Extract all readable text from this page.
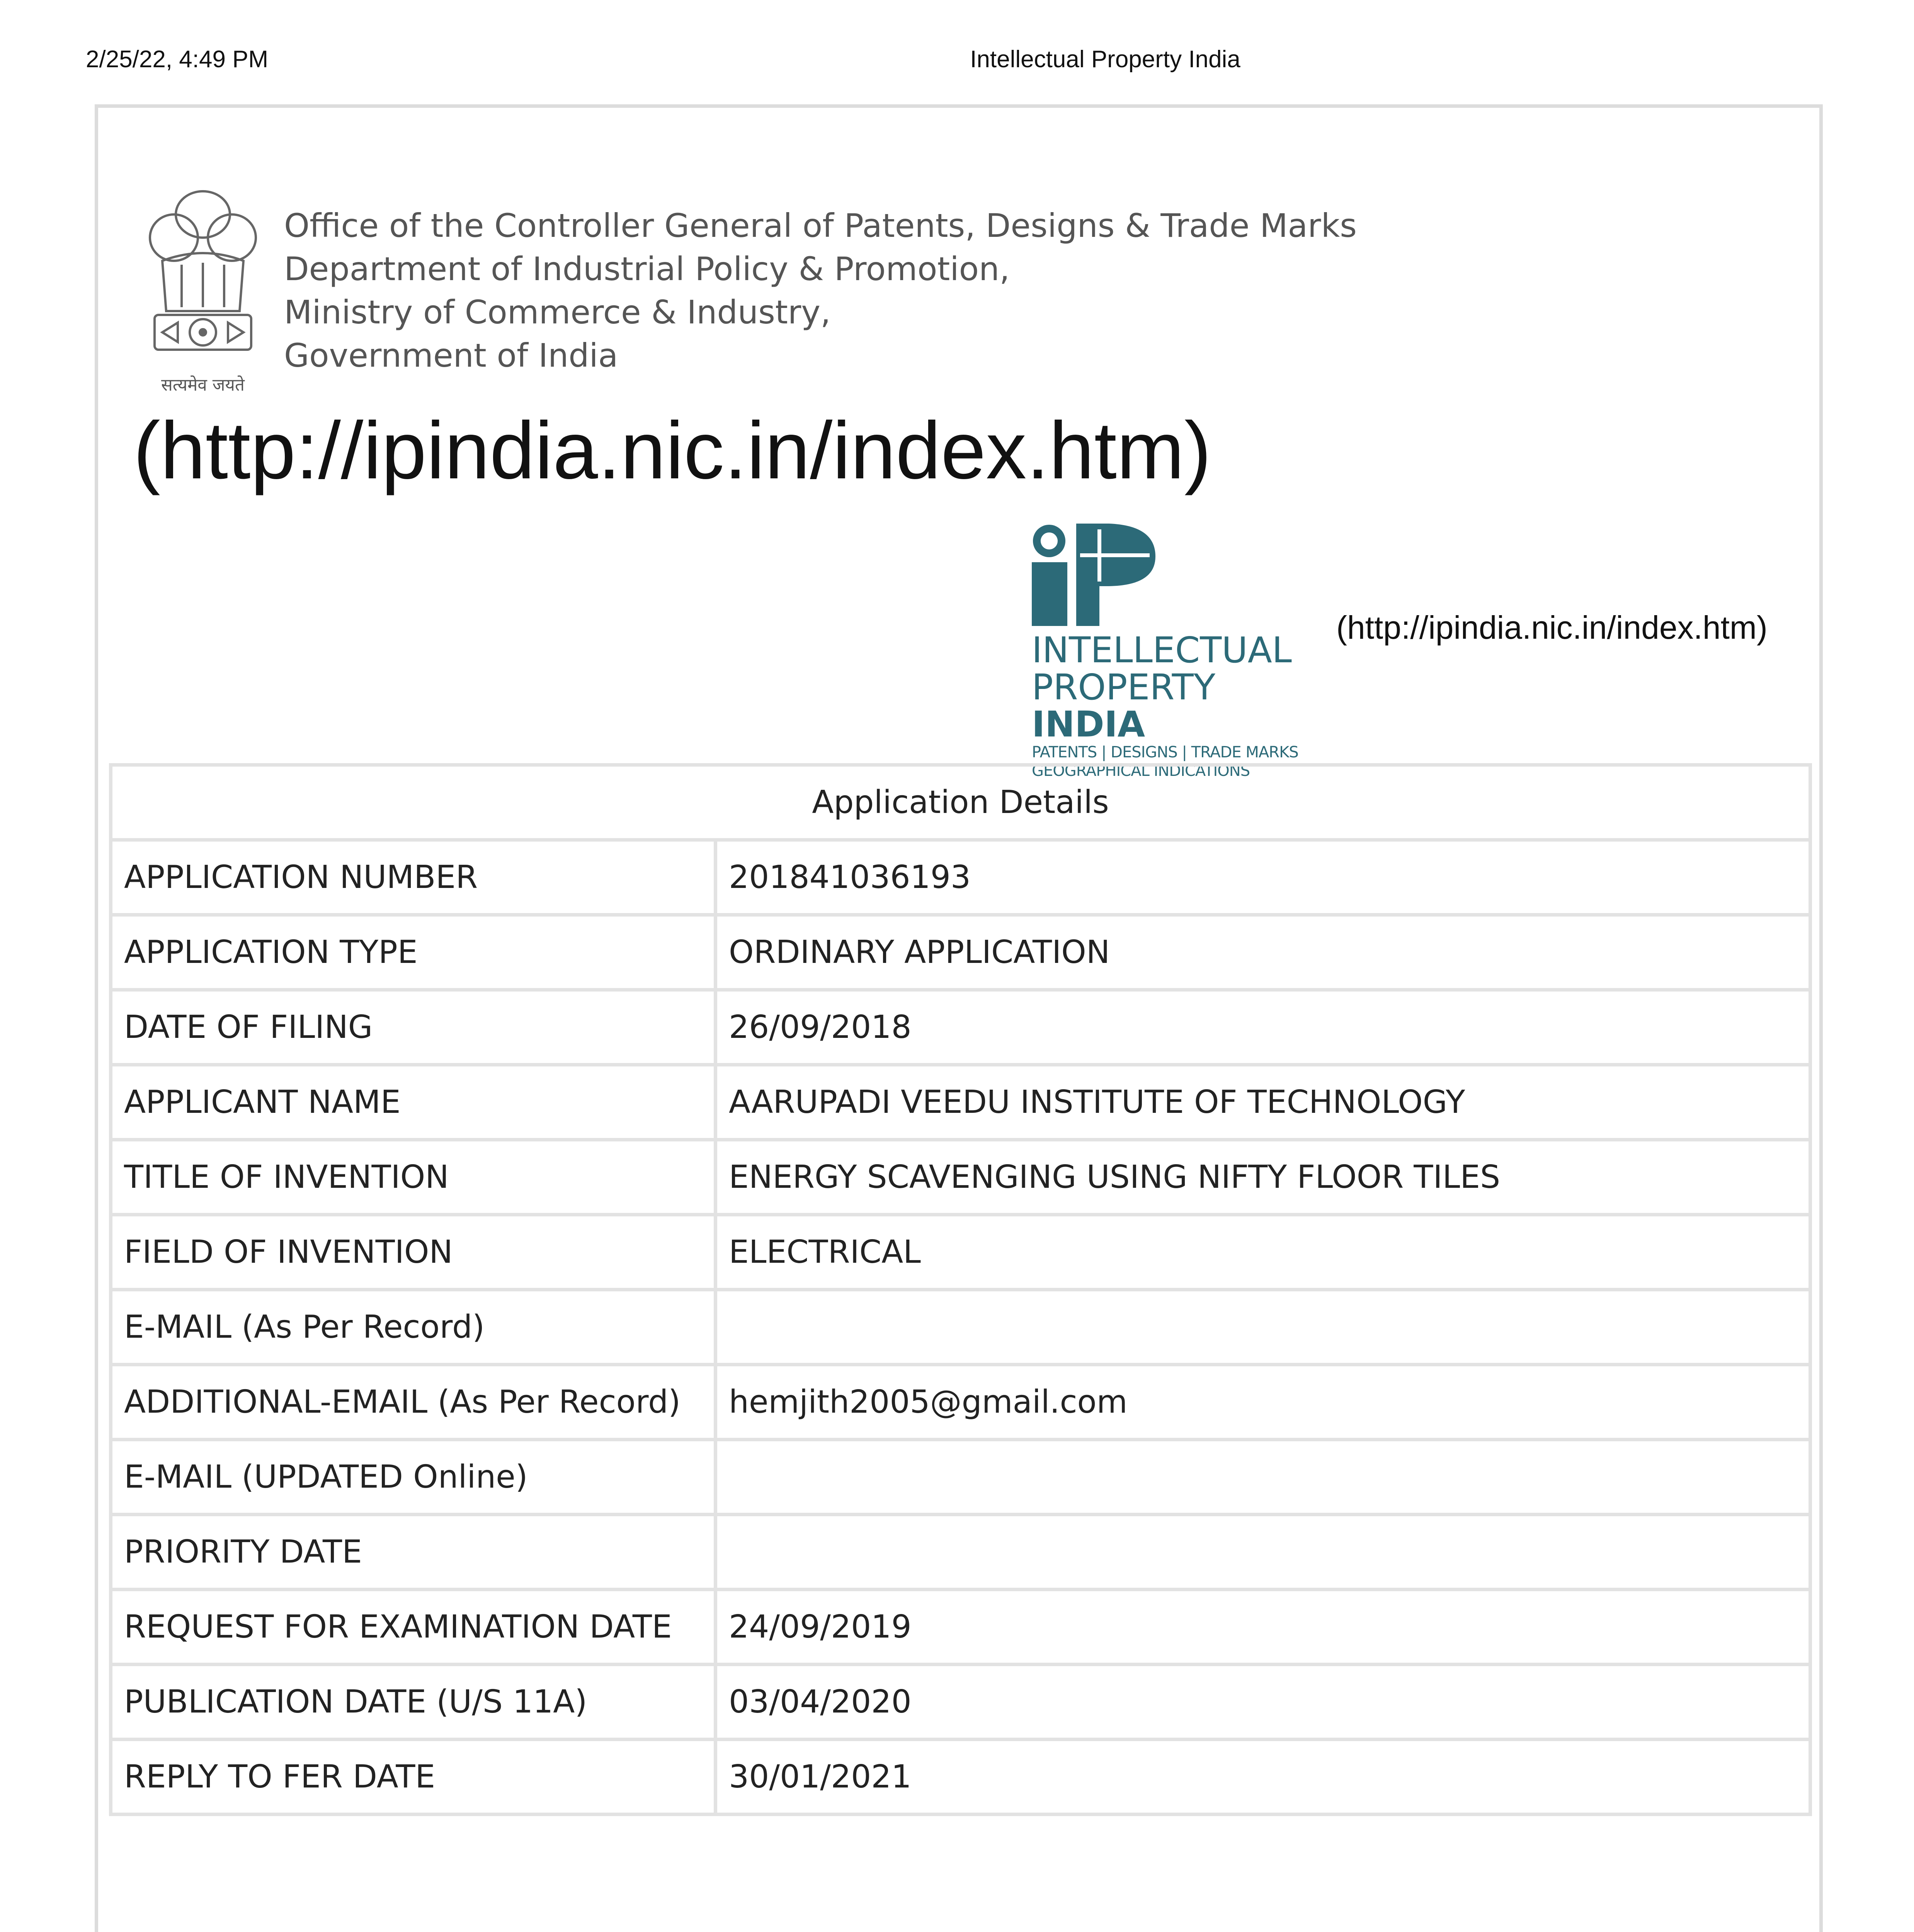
2/25/22, 4:49 PM	Intellectual Property India
सत्यमेव जयते
Office of the Controller General of Patents, Designs & Trade Marks
Department of Industrial Policy & Promotion,
Ministry of Commerce & Industry,
Government of India
(http://ipindia.nic.in/index.htm)
INTELLECTUAL
PROPERTY INDIA
PATENTS | DESIGNS | TRADE MARKS
GEOGRAPHICAL INDICATIONS
(http://ipindia.nic.in/index.htm)
Application Details	
APPLICATION NUMBER	201841036193
APPLICATION TYPE	ORDINARY APPLICATION
DATE OF FILING	26/09/2018
APPLICANT NAME	AARUPADI VEEDU INSTITUTE OF TECHNOLOGY
TITLE OF INVENTION	ENERGY SCAVENGING USING NIFTY FLOOR TILES
FIELD OF INVENTION	ELECTRICAL
E-MAIL (As Per Record)	
ADDITIONAL-EMAIL (As Per Record)	hemjith2005@gmail.com
E-MAIL (UPDATED Online)	
PRIORITY DATE	
REQUEST FOR EXAMINATION DATE	24/09/2019
PUBLICATION DATE (U/S 11A)	03/04/2020
REPLY TO FER DATE	30/01/2021
